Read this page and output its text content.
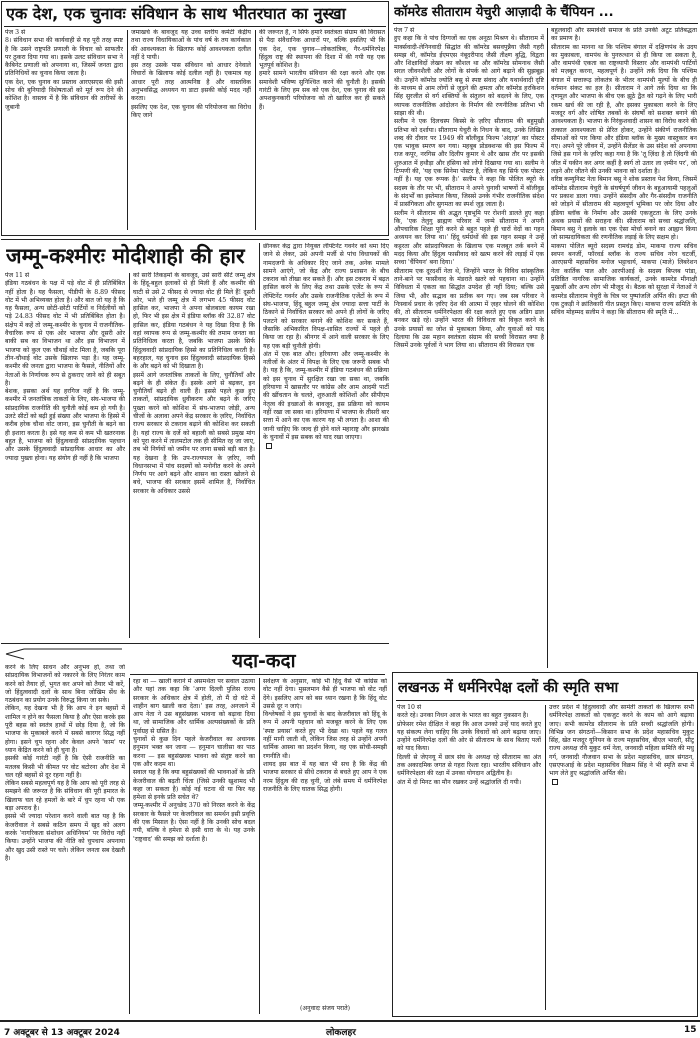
एक देश, एक चुनावः संविधान के साथ भीतरघात का नुस्खा
पेज 3 से
8। संविधान सभा की कार्यवाही से यह पूरी तरह स्पष्ट है कि उसने राष्ट्रपति प्रणाली के विचार को साफतौर पर ठुकरा दिया गया था। इसके उलट संविधान सभा ने कैबिनेट प्रणाली को अपनाया था, जिसमें जनता द्वारा प्रतिनिधियों का चुनाव किया जाता है।
एक देश, एक चुनाव का प्रस्ताव आरएसएस की इसी सोच की बुनियादी विशेषताओं को मूर्त रूप देने की कोशिश है। वास्तव में है कि संविधान की तारीफों के जुबानी
जमाखर्च के बावजूद यह उच्च स्तरीय कमेटी केंद्रीय तथा राज्य विधायिकाओं के पांच वर्ष के तय कार्यकाल की आवश्यकता के खिलाफ कोई आवश्यकता दलील नहीं दे पायी।
इस तरह उसके पास संविधान को आधार देनेवाले विचारों के खिलाफ कोई दलील नहीं है। एकमात्र यह आधार पूरी तरह आत्मनिष्ठ है और वास्तविक अनुभवसिद्ध अध्ययन या डाटा इसकी कोई मदद नहीं करता।
इसलिए एक देश, एक चुनाव की परियोजना का विरोध किए जाने
की जरूरत है, न सिर्फ हमारे स्वतंत्रता संग्राम की विरासत से पैदा संवैधानिक आधारों पर, बल्कि इसलिए भी कि एक देश, एक चुनाव—लोकतांत्रिक, गैर-धर्मनिरपेक्ष हिंदुत्व राष्ट्र की स्थापना की दिशा में की गयी यह एक भूतपूर्व कोशिश है।
हमारे सामने भारतीय संविधान की रक्षा करने और एक समावेशी भविष्य सुनिश्चित करने की चुनौती है। इसकी गारंटी के लिए हम सब को एक देश, एक चुनाव की इस अपशकुनकारी परियोजना को तो खारिज कर ही सकते हैं।
कॉमरेड सीताराम येचुरी आज़ादी के चैंपियन ...
पेज 7 से
हुए कहा कि वे पांच दिग्गजों का एक अनूठा मिश्रण थे। सीताराम में मार्क्सवादी-लेनिनवादी सिद्धांत की कॉमरेड बसवपुन्नैया जैसी गहरी समझ थी, कॉमरेड ईएमएस नंबूदरीपाद जैसी तीक्ष्ण बुद्धि, विद्वता और शिक्षाविदों लेखन का कौशल था और कॉमरेड सोमनाथ जैसी सरल जीवनशैली और लोगों के संपर्क को आगे बढ़ाने की सुझबूझ थी। उन्होंने कॉमरेड ज्योति बसु से स्पष्ट संवाद और यथार्थवादी दृष्टि के माध्यम से आम लोगों से जुड़ने की क्षमता और कॉमरेड हरकिशन सिंह सुरजीत से वर्ग शक्तियों के संतुलन को बदलने के लिए, एक व्यापक राजनीतिक आंदोलन के निर्माण की रणनीतिक प्रतिभा भी साझा की थी।
सलीम ने एक दिलचस्प किस्से के ज़रिए सीताराम की बहुमुखी प्रतिभा को दर्शाया। सीताराम येचुरी के निधन के बाद, उनके लिखित शब्द की दीवार पर 1949 की बॉलीवुड फिल्म 'अंदाज़' का पोस्टर एक भावुक स्मरण बन गया। महबूब प्रोडक्शन्स की इस फिल्म में राज कपूर, नरगिस और दिलीप कुमार थे और खास तौर पर इसकी शुरुआत में हथौड़ा और हंसिया को लोगो दिखाया गया था। सलीम ने टिप्पणी की, 'यह एक सिनेमा पोस्टर है, लेकिन यह सिर्फ एक पोस्टर नहीं है। यह एक रूपक है।' सलीम ने कहा कि पोलित ब्यूरो के सदस्य के तौर पर भी, सीताराम ने अपने चुनावी भाषणों में बॉलीवुड के संदर्भों का इस्तेमाल किया, जिससे उनके गंभीर राजनीतिक संदेश में प्रासंगिकता और सुगमता का स्पर्श जुड़ जाता है।
सलीम ने सीताराम की अद्भुत पृष्ठभूमि पर रोशनी डालते हुए कहा कि, 'एक तेलुगु ब्राह्मण परिवार में जन्मे सीताराम ने अपनी औपचारिक शिक्षा पूरी करने से बहुत पहले ही चारों वेदों का गहन अध्ययन कर लिया था।' हिंदू धर्मग्रंथों की इस गहन समझ ने उन्हें कट्टरता और सांप्रदायिकता के खिलाफ एक मजबूत तर्क बनने में मदद किया और हिंदुत्व फासीवाद को खत्म करने की लड़ाई में एक सच्चा 'चैंपियन' बना दिया।'
सीताराम एक दूरदर्शी नेता थे, जिन्होंने भारत के विविध सांस्कृतिक ताने-बाने पर फासीवाद के मंडराते खतरे को पहचाना था। उन्होंने विविधता में एकता का सिद्धांत उपदेश ही नहीं दिया; बल्कि उसे जिया भी, और सद्भाव का प्रतीक बन गए। जब सब परिवार ने निःस्वार्थ प्रचार के ज़रिए देश की आत्मा में ज़हर घोलने की कोशिश की, तो सीताराम धर्मनिरपेक्षता की रक्षा करते हुए एक अडिग ढाल बनकर खड़े रहे। उन्होंने भारत की विविधता को विकृत करने के उनके प्रयासों का जोश से मुकाबला किया, और युवाओं को याद दिलाया कि उस महान स्वतंत्रता संग्राम की सच्ची विरासत क्या है जिसमें उनके पूर्वजों ने भाग लिया था। सीताराम की विरासत एक
बहुलवादी और समावेशी समाज के प्रति उनकी अटूट प्रतिबद्धता का प्रमाण है।
सीताराम का मानना था कि पश्चिम बंगाल में दक्षिणपंथ के उदय का मुकाबला, वामपंथ के पुनरुत्थान से ही किया जा सकता है, और वामपंथी एकता का राष्ट्रव्यापी विस्तार और वामपंथी पार्टियों को मज़बूत करना, महत्वपूर्ण है। उन्होंने तर्क दिया कि पश्चिम बंगाल में सत्तारूढ़ लोकतंत्र के भीतर वामपंथी मूल्यों के बीच ही वर्तमान संकट का हल है। सीताराम ने आगे तर्क दिया था कि तृणमूल और भाजपा के बीच एक झूठे द्वैत को गढ़ने के लिए भारी रकम खर्च की जा रही है, और इसका मुकाबला करने के लिए मजदूर वर्ग और शोषित तबकों के संघर्षों को सशक्त बनाने की आवश्यकता है। भाजपा के निरंकुशवादी शासन का विरोध करने की तत्काल आवश्यकता से प्रेरित होकर, उन्होंने संकीर्ण राजनीतिक सीमाओं को पार किया और इंडिया ब्लॉक के मुख्य वास्तुकार बन गए। अपने पूरे जीवन में, उन्होंने सैलेंडर के उस संदेश को अपनाया जिसे इस गाने के ज़रिए कहा गया है कि 'तू ज़िंदा है तो ज़िंदगी की जीत में यकीन कर अगर कहीं है स्वर्ग तो उतार ला ज़मीन पर', जो लड़ने और जीतने की उनकी भावना को दर्शाता है।
वरिष्ठ कम्युनिस्ट नेता बिमान बसु ने शोक प्रस्ताव पेश किया, जिसमें कॉमरेड सीताराम येचुरी के संघर्षपूर्ण जीवन के बहुआयामी पहलुओं पर प्रकाश डाला गया। उन्होंने संसदीय और गैर-संसदीय राजनीति को जोड़ने में सीताराम की महत्वपूर्ण भूमिका पर जोर दिया और इंडिया ब्लॉक के निर्माण और उसकी एकजुटता के लिए उनके अथक प्रयासों की सराहना की। सीताराम को सच्चा श्रद्धांजलि, बिमान बसु ने इलाके का एक ऐसा मोर्चा बनाने का आह्वान किया जो साम्प्रदायिकता की रणनीतिक लड़ाई के लिए सक्षम हो।
माकपा पोलित ब्यूरो सदस्य रामचंद्र डोम, माकपा राज्य सचिव स्वपन बनर्जी, फॉरवर्ड ब्लॉक के राज्य सचिव नरेन चटर्जी, आरएसपी महासचिव मनोज भट्टाचार्य, माकपा (माले) लिबरेशन नेता कार्तिक पाल और आरपीआई के सदस्य बिप्लब पांडा, प्रतिष्ठित नागरिक सामाजिक कार्यकर्ता, उनके कामरेड मीनाक्षी मुखर्जी और अन्य लोग भी मौजूद थे। बैठक को सुरक्षा में नेताओं ने कामरेड सीताराम येचुरी के चित्र पर पुष्पांजलि अर्पित की। इप्टा की एक टुकड़ी ने क्रांतिकारी गीत प्रस्तुत किए। माकपा राज्य समिति के सचिव मोहम्मद सलीम ने कहा कि सीताराम की स्मृति में...
जम्मू-कश्मीरः मोदीशाही की हार
पेज 11 से
इंडिया गठबंधन के पक्ष में पड़े वोट में ही प्रतिबिंबित नहीं होता है। यह फैसला, पीडीपी के 8.89 फीसद वोट में भी अभिव्यक्त होता है। और बात जो यह है कि यह फैसला, अन्य छोटी-छोटी पार्टियों व निर्दलीयों को पड़े 24.83 फीसद वोट में भी प्रतिबिंबित होता है। संक्षेप में कहें तो जम्मू-कश्मीर के चुनाव में राजनीतिक-वैचारिक रूप से एक ओर भाजपा और दूसरी ओर बाकी सब का विभाजन था और इस विभाजन में भाजपा को कुल एक चौथाई वोट मिला है, जबकि पूरा तीन-चौथाई वोट उसके खिलाफ पड़ा है। यह जम्मू-कश्मीर की जनता द्वारा भाजपा के फैसले, नीतियों और नेताओं के निर्णायक रूप से ठुकराए जाने को ही सबूत है।
बेशक, इसका अर्थ यह हरगिज नहीं है कि जम्मू-कश्मीर में जनतांत्रिक ताकतों के लिए, संघ-भाजपा की सांप्रदायिक राजनीति की चुनौती कोई कम हो गयी है। उलटे सीटों को बढ़ी हुई संख्या और भाजपा के हिस्से में करीब हरेक चौथा वोट जाना, इस चुनौती के बढ़ने का ही इशारा करता है। इसे यह कम से कम भी खतरनाक बहुत है, भाजपा को हिंदुत्ववादी सांप्रदायिक पहचान और उसके हिंदुत्ववादी सांप्रदायिक आधार का और ज्यादा पुख्ता होना। यह संयोग ही नहीं है कि भाजपा
को सारी तिकड़मों के बावजूद, उसे सारी सीटें जम्मू क्षेत्र के हिंदू-बहुल इलाकों से ही मिली हैं और कश्मीर की घाटी से उसे 2 फीसद से ज्यादा वोट ही मिले हैं! दूसरी ओर, भले ही जम्मू क्षेत्र में लगभग 45 फीसद वोट हासिल कर, भाजपा ने अपना बोलबाला कायम रखा हो, फिर भी इस क्षेत्र में इंडिया ब्लॉक की 32.87 वोट हासिल कर, इंडिया गठबंधन ने यह दिखा दिया है कि वहां व्यापक रूप से जम्मू-कश्मीर की तमाम जनता का प्रतिनिधित्व करता है, जबकि भाजपा उसके सिर्फ हिंदुत्ववादी सांप्रदायिक हिस्से का प्रतिनिधित्व करती है। बहरहाल, यह चुनाव इस हिंदुत्ववादी सांप्रदायिक हिस्से के और बढ़ने को भी दिखाता है।
इसमें आगे जनतांत्रिक ताकतों के लिए, चुनौतियाँ और बढ़ने के ही संकेत हैं। इसके आगे से बढ़कर, इन चुनौतियाँ बढ़ने ही वाली हैं। इससे पहले कुछ हुए ताकतों, सांप्रदायिक ध्रुवीकरण और बढ़ने के जरिए पुख्ता करने को कोशिश में संघ-भाजपा जोड़ी, अन्य चीजों के अलावा अपने केंद्र सरकार के ज़रिए, निर्वाचित राज्य सरकार से टकराव बढ़ाने की कोशिश कर सकती है। यहां राज्य के दर्जे को बहाली को सबसे प्रमुख मांग को पूरा करने में तालमटोल तक ही सीमित रह जा जाए, तब भी निर्णयों को जमीन पर लाना सबसे बड़ी बात है। यह देखना है कि उप-राज्यपाल के ज़रिए, नयी विधानसभा में पांच सदस्यों को मनोनीत करने के अपने निर्णय पर आगे बढ़ने और शासन का रास्ता खोलने से बचे, भाजपा की सरकार इसमें शामिल है, निर्वाचित सरकार के अधिकार उससे
छीनकर केंद्र द्वारा नियुक्त लेफ्टिनेंट गवर्नर को थमा दिए जाने से लेकर, उसे अपनी मर्जी से पांच विधायकों की नामदजगी के अधिकार दिए जाने तक, अनेक मामले सामने आएंगे, जो केंद्र और राज्य प्रशासन के बीच टकराव को तीखा कर सकते हैं। और इस टकराव में बढ़त हासिल करने के लिए केंद्र तथा उसके एजेंट के रूप में लेफ्टिनेंट गवर्नर और उसके राजनीतिक एजेंटों के रूप में संघ-भाजपा, हिंदू बहुल जम्मू क्षेत्र ज्यादा सत्ता पार्टी के ठिकाने से निर्वाचित सरकार को अपने ही लोगों के जरिए पलटने को सरकार बनाने की कोशिश कर सकते हैं, जैसाकि अभिकारित विपक्ष-शासित राज्यों में पहले ही किया जा रहा है। श्रीनगर में आने वाली सरकार के लिए यह एक बड़ी चुनौती होगी।
अंत में एक बात और। हरियाणा और जम्मू-कश्मीर के नतीजों के अंतर में विपक्ष के लिए एक जरूरी सबक भी है। यह है कि, जम्मू-कश्मीर में इंडिया गठबंधन की प्रक्रिया को इस चुनाव में सुरक्षित रखा जा सका था, जबकि हरियाणा में खासतौर पर कांग्रेस और आम आदमी पार्टी की खींचतान के चलते, शुरुआती कोशिशों और सीपीएम नेतृत्व की इच्छाओं के बावजूद, इस प्रक्रिया को कायम नहीं रखा जा सका था। हरियाणा में भाजपा के तीसरी बार सत्ता में आने का एक कारण यह भी लगता है। आशा की जानी चाहिए कि जल्द ही होने वाले महाराष्ट्र और झारखंड के चुनावों में इस सबक को याद रखा जाएगा।
यदा-कदा
करने के लिए साधन और अनुभव हो, तथा जो सांप्रदायिक विभाजनों को नकारने के लिए निरंतर काम करने को तैयार हों, भुगत कर अपने को तैयार भी करें, जो हिंदुत्ववादी दलों के साथ बिना जोखिम सेंध के गठबंधन का प्रयोग उनके विरुद्ध किया जा सके।
लेकिन, यह देखना भी है कि आप ने इन बहसों में शामिल न होने का फैसला किया है और ऐसा करके इस पूरी बहस को स्वतंत्र हाथों में छोड़ दिया है, जो कि भाजपा के मुकाबले करने में सबसे कारगर सिद्ध नहीं होगा। इसने चुप रहना और केवल अपने 'काम' पर ध्यान केंद्रित करने को ही चुना है।
इसकी कोई गारंटी नहीं है कि ऐसी राजनीति का मतलब किसी भी कीमत पर वोट बटोरना और देश में चल रही बहसों से दूर रहना नहीं है।
लेकिन सबसे महत्वपूर्ण यह है कि आप को पूरी तरह से समझने की जरूरत है कि संविधान की पूरी इमारत के खिलाफ चल रहे हमलों के बारे में चुप रहना भी एक बड़ा अपराध है।
इससे भी ज्यादा परेशान करने वाली बात यह है कि केजरीवाल ने सबसे कठिन समय में खुद को अलग करके 'नागरिकता संशोधन अधिनियम' पर विरोध नहीं किया। उन्होंने भाजपा की नीति को चुपचाप अपनाया और खुद उसी रास्ते पर चले। लेकिन जनता सब देखती है।
रहा था — खाली कराने में असमर्थता पर सवाल उठाया और यहां तक कहा कि 'अगर दिल्ली पुलिस राज्य सरकार के अधिकार क्षेत्र में होती, तो मैं दो घंटे में शाहीन बाग खाली करा देता।' इस तरह, अनजाने में आप नेता ने उस बहुसंख्यक भावना को बढ़ावा दिया था, जो सामाजिक और धार्मिक अल्पसंख्यकों के प्रति पूर्वाग्रह से ग्रसित है।
चुनावों से कुछ दिन पहले केजरीवाल का अचानक हनुमान भक्त बन जाना — हनुमान चालीसा का पाठ करना — इस बहुसंख्यक भावना को संतुष्ट करने का एक और कदम था।
सवाल यह है कि क्या बहुसंख्यकों की भावनाओं के प्रति केजरीवाल की बढ़ती चिंता (जिसे उनकी खुशामद भी कहा जा सकता है) कोई नई घटना थी या फिर यह हमेशा से इनके प्रति सचेत थे?
जम्मू-कश्मीर में अनुच्छेद 370 को निरस्त करने के केंद्र सरकार के फैसले पर केजरीवाल का समर्थन इसी प्रवृत्ति की एक मिसाल है। ऐसा नहीं है कि उनकी सोच बदल गयी, बल्कि वे हमेशा से इसी धारा के थे। यह उनके 'राष्ट्रवाद' की समझ को दर्शाता है।
सर्वेक्षण के अनुसार, कोई भी हिंदू वैसे भी कांग्रेस को वोट नहीं देगा। मुसलमान वैसे ही भाजपा को वोट नहीं देंगे। इसलिए आप को बस ध्यान रखना है कि हिंदू वोट उससे दूर न जाएं।
विश्लेषकों ने इस चुनावों के बाद केजरीवाल को हिंदू के रूप में अपनी पहचान को मजबूत करने के लिए एक 'स्पष्ट प्रयास' करते हुए भी देखा था। पहले यह गलत नहीं मानी जाती थी, लेकिन जिस तरह से उन्होंने अपनी धार्मिक आस्था का प्रदर्शन किया, वह एक सोची-समझी रणनीति थी।
शायद इस बात में यह बात भी सच है कि केंद्र की भाजपा सरकार से सीधे टकराव से बचते हुए आप ने एक नरम हिंदुत्व की राह चुनी, जो लंबे समय में धर्मनिरपेक्ष राजनीति के लिए घातक सिद्ध होगी।
(अनुवादः संजय पराते)
लखनऊ में धर्मनिरपेक्ष दलों की स्मृति सभा
पेज 10 से
करते रहे। उनका निधन आज के भारत का बहुत नुकसान है।
प्रोफेसर रमेश दीक्षित ने कहा कि आज उनको उन्हें याद करते हुए यह संकल्प लेना चाहिए कि उनके विचारों को आगे बढ़ाया जाए। उन्होंने धर्मनिरपेक्ष दलों की ओर से सीताराम के साथ बिताए पलों को याद किया।
दिल्ली से जेएनयू में छात्र संघ के अध्यक्ष रहे सीताराम का अंत तक अकादमिक जगत से गहरा रिश्ता रहा। भारतीय संविधान और धर्मनिरपेक्षता की रक्षा में उनका योगदान अद्वितीय है।
अंत में दो मिनट का मौन रखकर उन्हें श्रद्धांजलि दी गयी।
उत्तर प्रदेश में हिंदुत्ववादी और सामंती ताकतों के खिलाफ सभी धर्मनिरपेक्ष ताकतों को एकजुट करने के काम को आगे बढ़ाया जाए। सभी कामरेड सीताराम के प्रति सच्ची श्रद्धांजलि होगी। विभिन्न जन संगठनों—किसान सभा के प्रदेश महासचिव मुकुट सिंह, खेत मजदूर यूनियन के राज्य महासचिव, बीएल भारती, सीटू राज्य अध्यक्ष रवि मुकुट धर्म नेता, जनवादी महिला समिति की मधु गर्ग, जनवादी नौजवान सभा के प्रदेश महासचिव, छात्र संगठन, एसएफआई के प्रदेश महासचिव विक्रम सिंह ने भी स्मृति सभा में भाग लेते हुए श्रद्धांजलि अर्पित की।
7 अक्टूबर से 13 अक्टूबर 2024	लोकलहर	15
